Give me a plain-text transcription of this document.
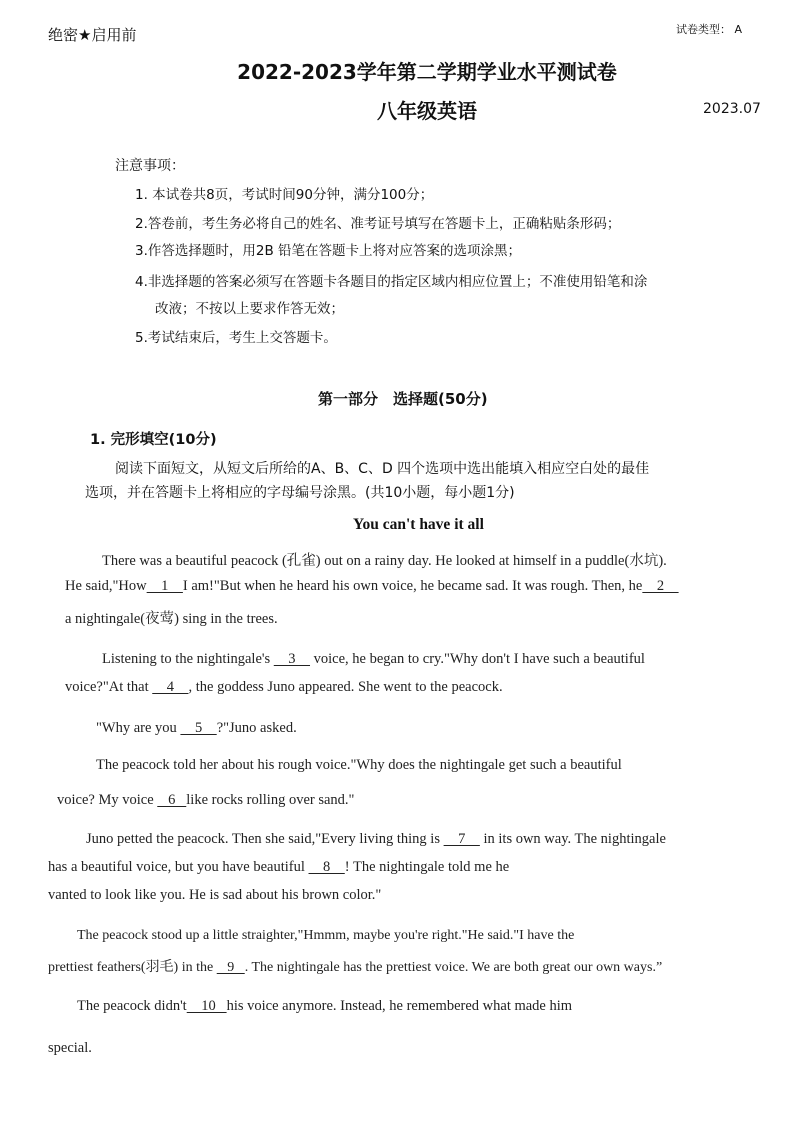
绝密★启用前	试卷类型： A
2022-2023学年第二学期学业水平测试卷
八年级英语	2023.07
注意事项：
1. 本试卷共8页，考试时间90分钟，满分100分；
2.答卷前，考生务必将自己的姓名、准考证号填写在答题卡上，正确粘贴条形码；
3.作答选择题时，用2B 铅笔在答题卡上将对应答案的选项涂黑；
4.非选择题的答案必须写在答题卡各题目的指定区域内相应位置上；不准使用铅笔和涂
改液；不按以上要求作答无效；
5.考试结束后，考生上交答题卡。
第一部分　选择题(50分)
1. 完形填空(10分)
阅读下面短文，从短文后所给的A、B、C、D 四个选项中选出能填入相应空白处的最佳
选项，并在答题卡上将相应的字母编号涂黑。(共10小题，每小题1分)
You can't have it all
There was a beautiful peacock (孔雀) out on a rainy day. He looked at himself in a puddle(水坑).
He said,"How    1    I am!"But when he heard his own voice, he became sad. It was rough. Then, he    2
a nightingale(夜莺) sing in the trees.
Listening to the nightingale's     3     voice, he began to cry."Why don't I have such a beautiful
voice?"At that     4    , the goddess Juno appeared. She went to the peacock.
"Why are you     5    ?"Juno asked.
The peacock told her about his rough voice."Why does the nightingale get such a beautiful
voice? My voice    6   like rocks rolling over sand."
Juno petted the peacock. Then she said,"Every living thing is     7     in its own way. The nightingale
has a beautiful voice, but you have beautiful     8    ! The nightingale told me he
vanted to look like you. He is sad about his brown color."
The peacock stood up a little straighter,"Hmmm, maybe you're right."He said."I have the
prettiest feathers(羽毛) in the    9   . The nightingale has the prettiest voice. We are both great our own ways.”
The peacock didn't    10   his voice anymore. Instead, he remembered what made him
special.
